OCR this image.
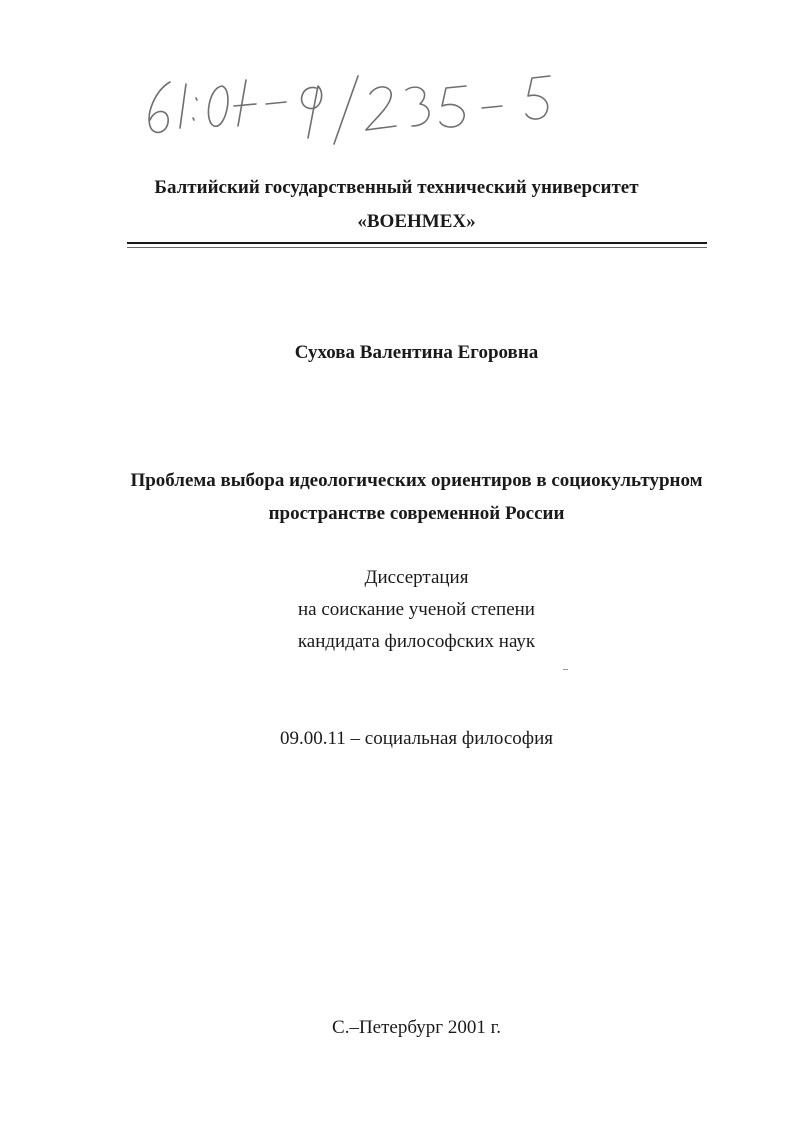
Балтийский государственный технический университет
«ВОЕНМЕХ»
Сухова Валентина Егоровна
Проблема выбора идеологических ориентиров в социокультурном
пространстве современной России
Диссертация
на соискание ученой степени
кандидата философских наук
09.00.11 – социальная философия
С.–Петербург 2001 г.
